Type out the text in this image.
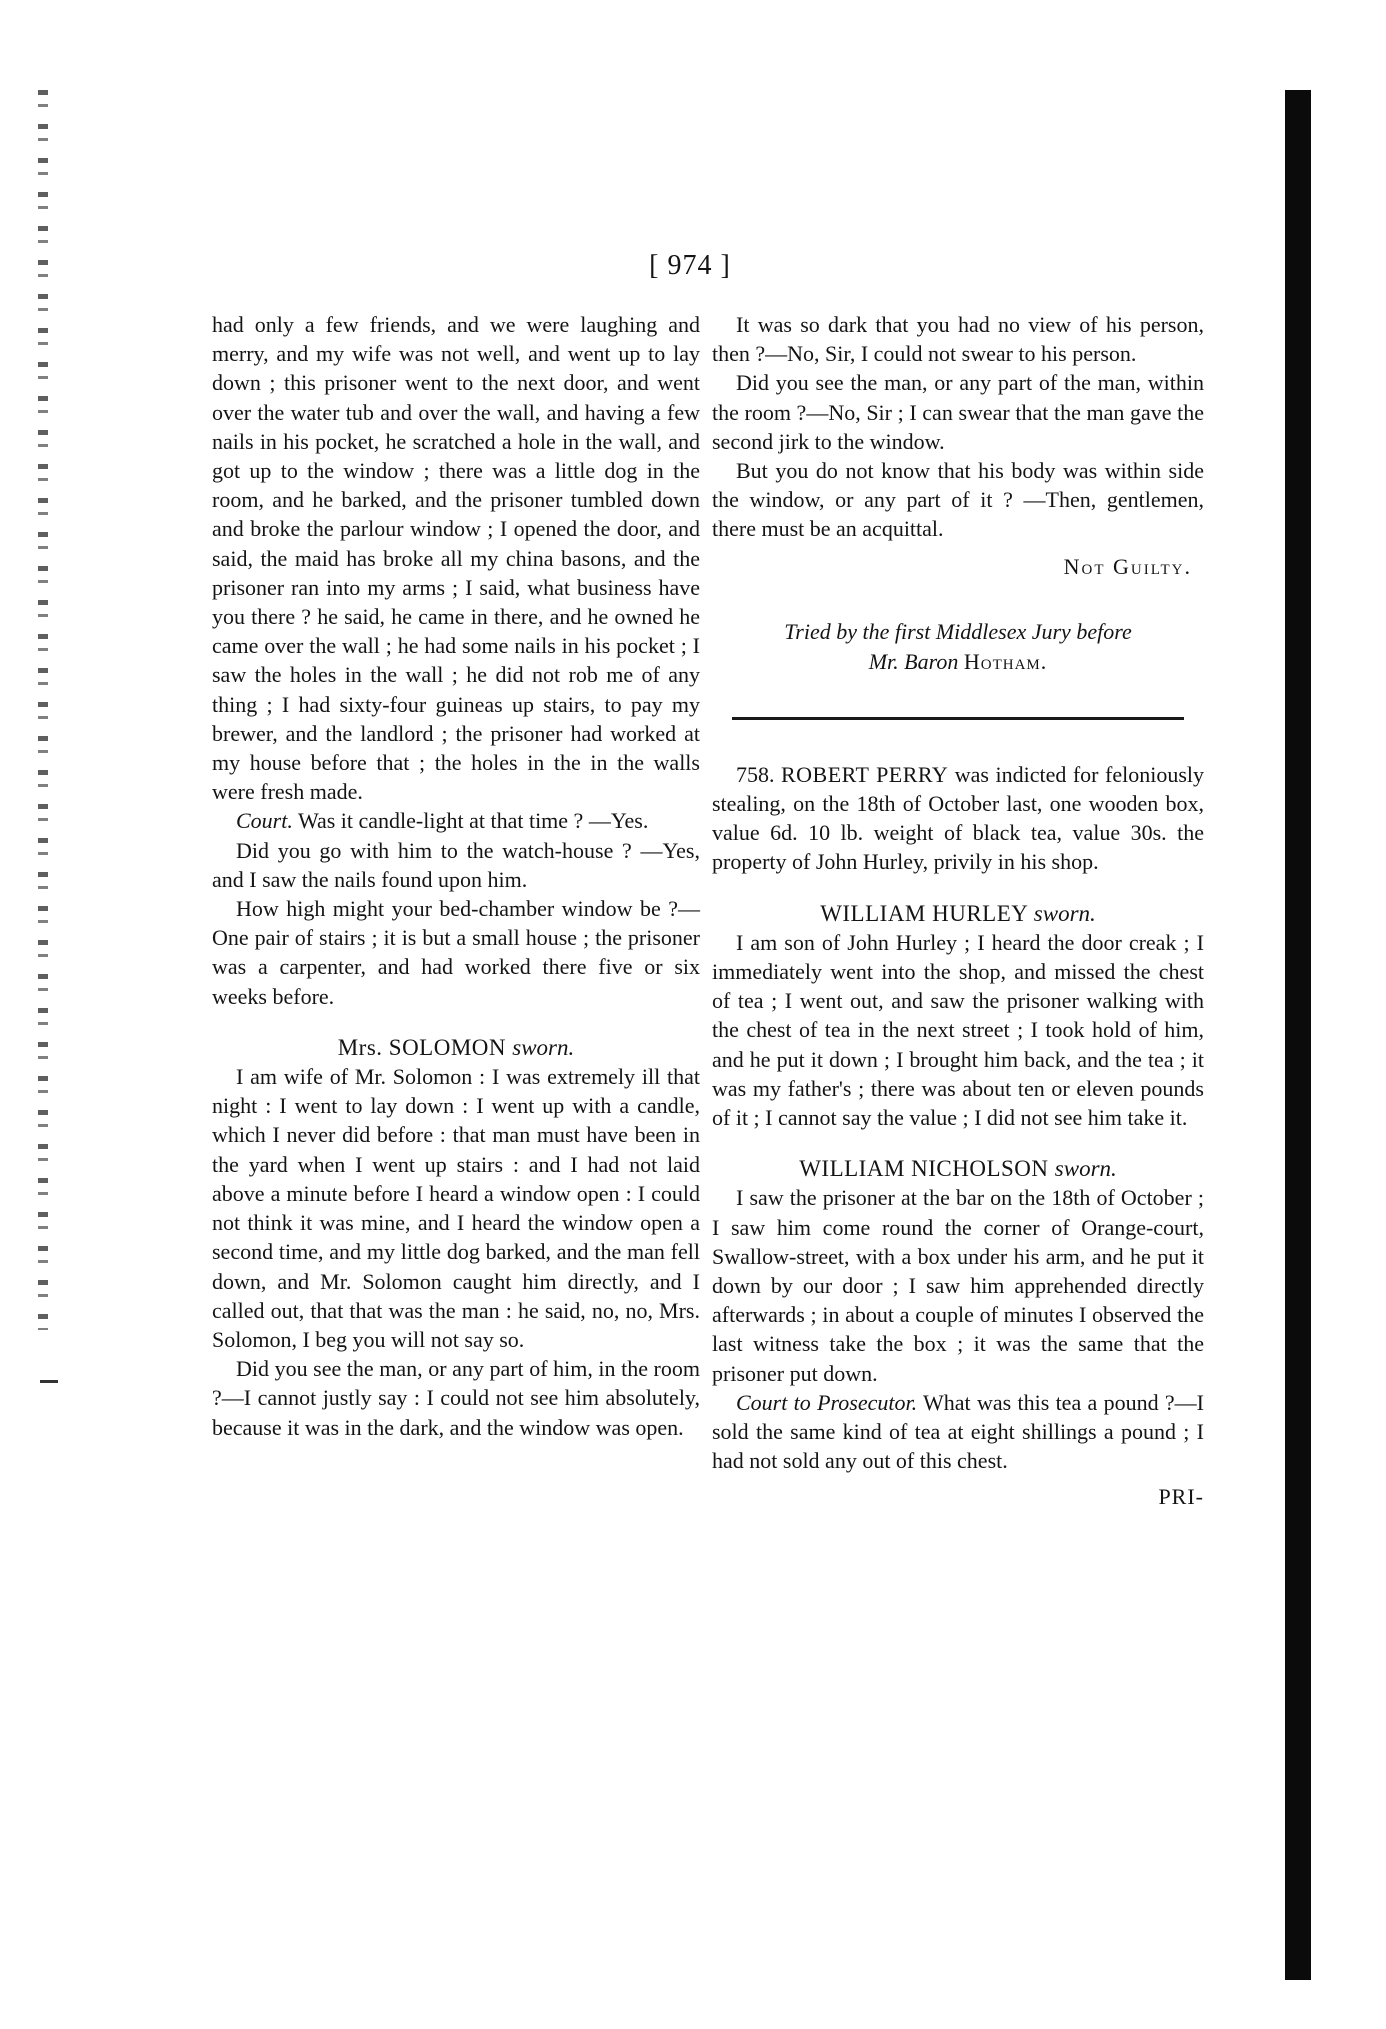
[ 974 ]

had only a few friends, and we were laughing and merry, and my wife was not well, and went up to lay down ; this prisoner went to the next door, and went over the water tub and over the wall, and having a few nails in his pocket, he scratched a hole in the wall, and got up to the window ; there was a little dog in the room, and he barked, and the prisoner tumbled down and broke the parlour window ; I opened the door, and said, the maid has broke all my china basons, and the prisoner ran into my arms ; I said, what business have you there ? he said, he came in there, and he owned he came over the wall ; he had some nails in his pocket ; I saw the holes in the wall ; he did not rob me of any thing ; I had sixty-four guineas up stairs, to pay my brewer, and the landlord ; the prisoner had worked at my house before that ; the holes in the in the walls were fresh made.

Court. Was it candle-light at that time ? —Yes.

Did you go with him to the watch-house ? —Yes, and I saw the nails found upon him.

How high might your bed-chamber window be ?—One pair of stairs ; it is but a small house ; the prisoner was a carpenter, and had worked there five or six weeks before.

Mrs. SOLOMON sworn.

I am wife of Mr. Solomon : I was extremely ill that night : I went to lay down : I went up with a candle, which I never did before : that man must have been in the yard when I went up stairs : and I had not laid above a minute before I heard a window open : I could not think it was mine, and I heard the window open a second time, and my little dog barked, and the man fell down, and Mr. Solomon caught him directly, and I called out, that that was the man : he said, no, no, Mrs. Solomon, I beg you will not say so.

Did you see the man, or any part of him, in the room ?—I cannot justly say : I could not see him absolutely, because it was in the dark, and the window was open.

It was so dark that you had no view of his person, then ?—No, Sir, I could not swear to his person.

Did you see the man, or any part of the man, within the room ?—No, Sir ; I can swear that the man gave the second jirk to the window.

But you do not know that his body was within side the window, or any part of it ? —Then, gentlemen, there must be an acquittal.

Not Guilty.
Tried by the first Middlesex Jury before
Mr. Baron Hotham.

758. ROBERT PERRY was indicted for feloniously stealing, on the 18th of October last, one wooden box, value 6d. 10 lb. weight of black tea, value 30s. the property of John Hurley, privily in his shop.

WILLIAM HURLEY sworn.

I am son of John Hurley ; I heard the door creak ; I immediately went into the shop, and missed the chest of tea ; I went out, and saw the prisoner walking with the chest of tea in the next street ; I took hold of him, and he put it down ; I brought him back, and the tea ; it was my father's ; there was about ten or eleven pounds of it ; I cannot say the value ; I did not see him take it.

WILLIAM NICHOLSON sworn.

I saw the prisoner at the bar on the 18th of October ; I saw him come round the corner of Orange-court, Swallow-street, with a box under his arm, and he put it down by our door ; I saw him apprehended directly afterwards ; in about a couple of minutes I observed the last witness take the box ; it was the same that the prisoner put down.

Court to Prosecutor. What was this tea a pound ?—I sold the same kind of tea at eight shillings a pound ; I had not sold any out of this chest.

PRI-
